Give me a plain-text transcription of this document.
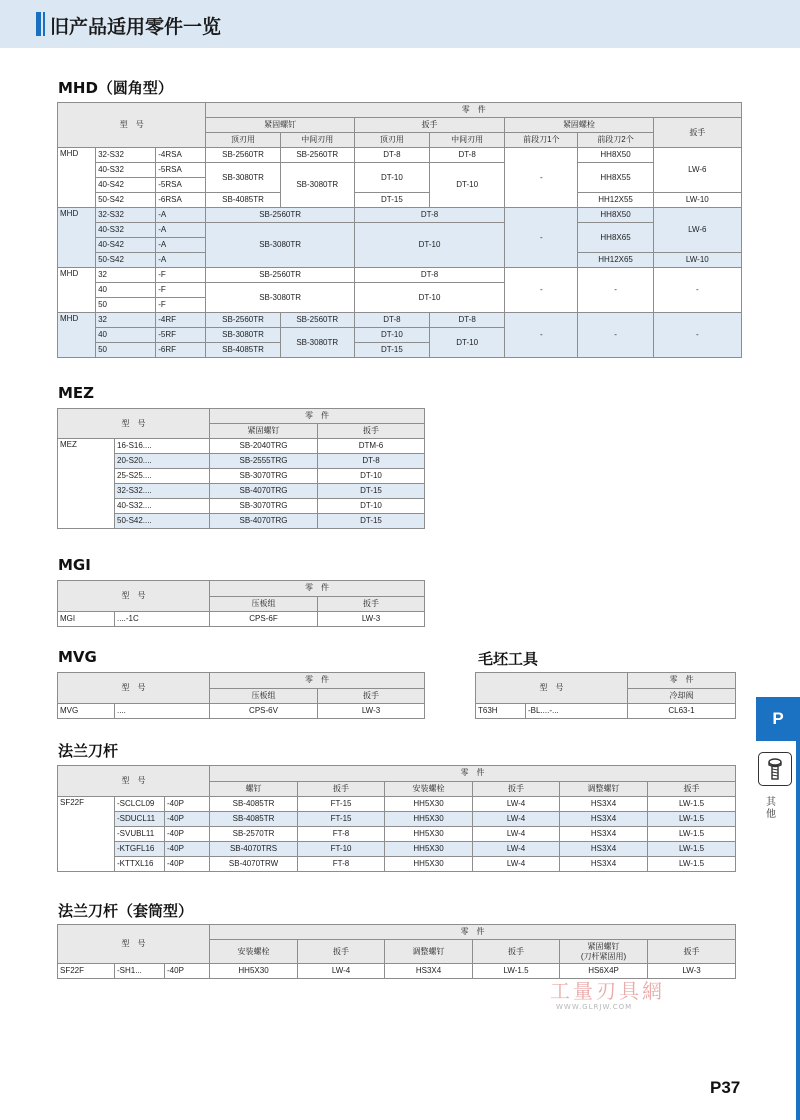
旧产品适用零件一览
MHD（圆角型）
型　号			零　件						
			紧固螺钉		扳手		紧固螺栓		扳手
			顶刃用	中间刃用	顶刃用	中间刃用	前段刀1个	前段刀2个	
MHD	32-S32	-4RSA	SB-2560TR	SB-2560TR	DT-8	DT-8	-	HH8X50	LW-6
	40-S32	-5RSA	SB-3080TR	SB-3080TR	DT-10	DT-10		HH8X55	
	40-S42	-5RSA							
	50-S42	-6RSA	SB-4085TR		DT-15			HH12X55	LW-10
MHD	32-S32	-A	SB-2560TR		DT-8		-	HH8X50	LW-6
	40-S32	-A	SB-3080TR		DT-10			HH8X65	
	40-S42	-A							
	50-S42	-A						HH12X65	LW-10
MHD	32	-F	SB-2560TR		DT-8		-	-	-
	40	-F	SB-3080TR		DT-10				
	50	-F							
MHD	32	-4RF	SB-2560TR	SB-2560TR	DT-8	DT-8	-	-	-
	40	-5RF	SB-3080TR	SB-3080TR	DT-10	DT-10			
	50	-6RF	SB-4085TR		DT-15				
MEZ
型　号		零　件	
		紧固螺钉	扳手
MEZ	16-S16....	SB-2040TRG	DTM-6
	20-S20....	SB-2555TRG	DT-8
	25-S25....	SB-3070TRG	DT-10
	32-S32....	SB-4070TRG	DT-15
	40-S32....	SB-3070TRG	DT-10
	50-S42....	SB-4070TRG	DT-15
MGI
型　号		零　件	
		压板组	扳手
MGI	....-1C	CPS-6F	LW-3
MVG
型　号		零　件	
		压板组	扳手
MVG	....	CPS-6V	LW-3
毛坯工具
型　号		零　件
		冷却阀
T63H	-BL....-...	CL63-1
法兰刀杆
型　号			零　件					
			螺钉	扳手	安装螺栓	扳手	调整螺钉	扳手
SF22F	-SCLCL09	-40P	SB-4085TR	FT-15	HH5X30	LW-4	HS3X4	LW-1.5
	-SDUCL11	-40P	SB-4085TR	FT-15	HH5X30	LW-4	HS3X4	LW-1.5
	-SVUBL11	-40P	SB-2570TR	FT-8	HH5X30	LW-4	HS3X4	LW-1.5
	-KTGFL16	-40P	SB-4070TRS	FT-10	HH5X30	LW-4	HS3X4	LW-1.5
	-KTTXL16	-40P	SB-4070TRW	FT-8	HH5X30	LW-4	HS3X4	LW-1.5
法兰刀杆（套筒型）
型　号			零　件					
			安装螺栓	扳手	调整螺钉	扳手	紧固螺钉
(刀杆紧固用)	扳手
SF22F	-SH1...	-40P	HH5X30	LW-4	HS3X4	LW-1.5	HS6X4P	LW-3
P
其他
工量刃具網
WWW.GLRJW.COM
P37
